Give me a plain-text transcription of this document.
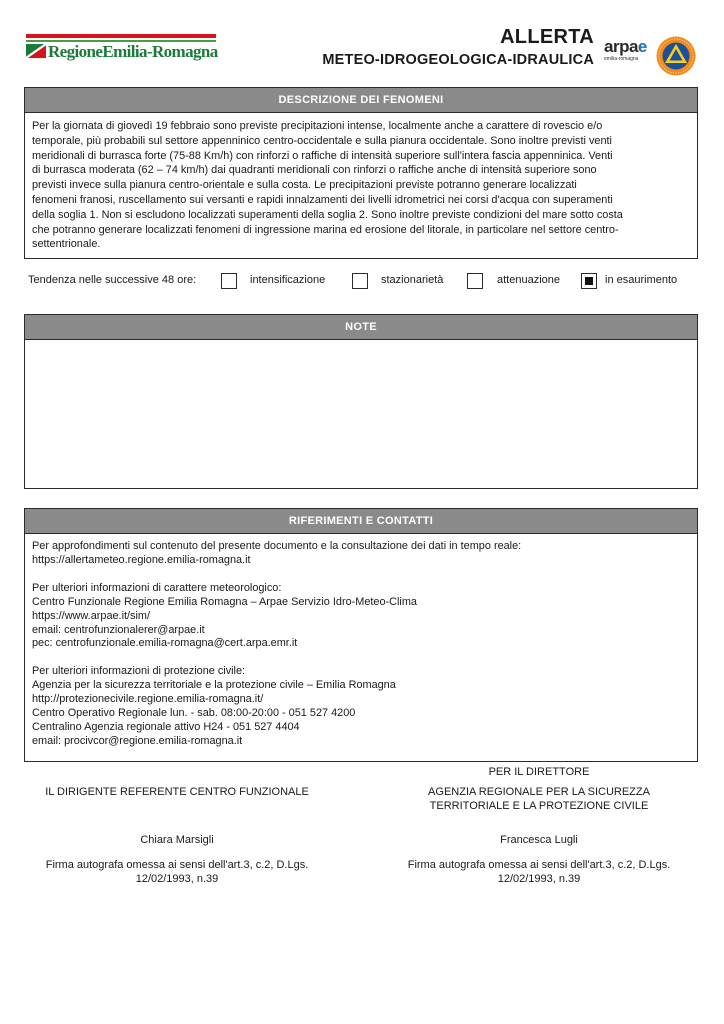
RegioneEmilia-Romagna
ALLERTA
METEO-IDROGEOLOGICA-IDRAULICA
arpae
emilia-romagna
DESCRIZIONE DEI FENOMENI
Per la giornata di giovedì 19 febbraio sono previste precipitazioni intense, localmente anche a carattere di rovescio e/o
temporale, più probabili sul settore appenninico centro-occidentale e sulla pianura occidentale. Sono inoltre previsti venti
meridionali di burrasca forte (75-88 Km/h) con rinforzi o raffiche di intensità superiore sull'intera fascia appenninica. Venti
di burrasca moderata (62 – 74 km/h) dai quadranti meridionali con rinforzi o raffiche anche di intensità superiore sono
previsti invece sulla pianura centro-orientale e sulla costa. Le precipitazioni previste potranno generare localizzati
fenomeni franosi, ruscellamento sui versanti e rapidi innalzamenti dei livelli idrometrici nei corsi d'acqua con superamenti
della soglia 1. Non si escludono localizzati superamenti della soglia 2. Sono inoltre previste condizioni del mare sotto costa
che potranno generare localizzati fenomeni di ingressione marina ed erosione del litorale, in particolare nel settore centro-
settentrionale.
Tendenza nelle successive 48 ore:	intensificazione	stazionarietà	attenuazione	in esaurimento
NOTE
RIFERIMENTI E CONTATTI
Per approfondimenti sul contenuto del presente documento e la consultazione dei dati in tempo reale:
https://allertameteo.regione.emilia-romagna.it
Per ulteriori informazioni di carattere meteorologico:
Centro Funzionale Regione Emilia Romagna – Arpae Servizio Idro-Meteo-Clima
https://www.arpae.it/sim/
email: centrofunzionalerer@arpae.it
pec: centrofunzionale.emilia-romagna@cert.arpa.emr.it
Per ulteriori informazioni di protezione civile:
Agenzia per la sicurezza territoriale e la protezione civile – Emilia Romagna
http://protezionecivile.regione.emilia-romagna.it/
Centro Operativo Regionale lun. - sab. 08:00-20:00 - 051 527 4200
Centralino Agenzia regionale attivo H24 - 051 527 4404
email: procivcor@regione.emilia-romagna.it
IL DIRIGENTE REFERENTE CENTRO FUNZIONALE
Chiara Marsigli
Firma autografa omessa ai sensi dell'art.3, c.2, D.Lgs.
12/02/1993, n.39
PER IL DIRETTORE
AGENZIA REGIONALE PER LA SICUREZZA
TERRITORIALE E LA PROTEZIONE CIVILE
Francesca Lugli
Firma autografa omessa ai sensi dell'art.3, c.2, D.Lgs.
12/02/1993, n.39
